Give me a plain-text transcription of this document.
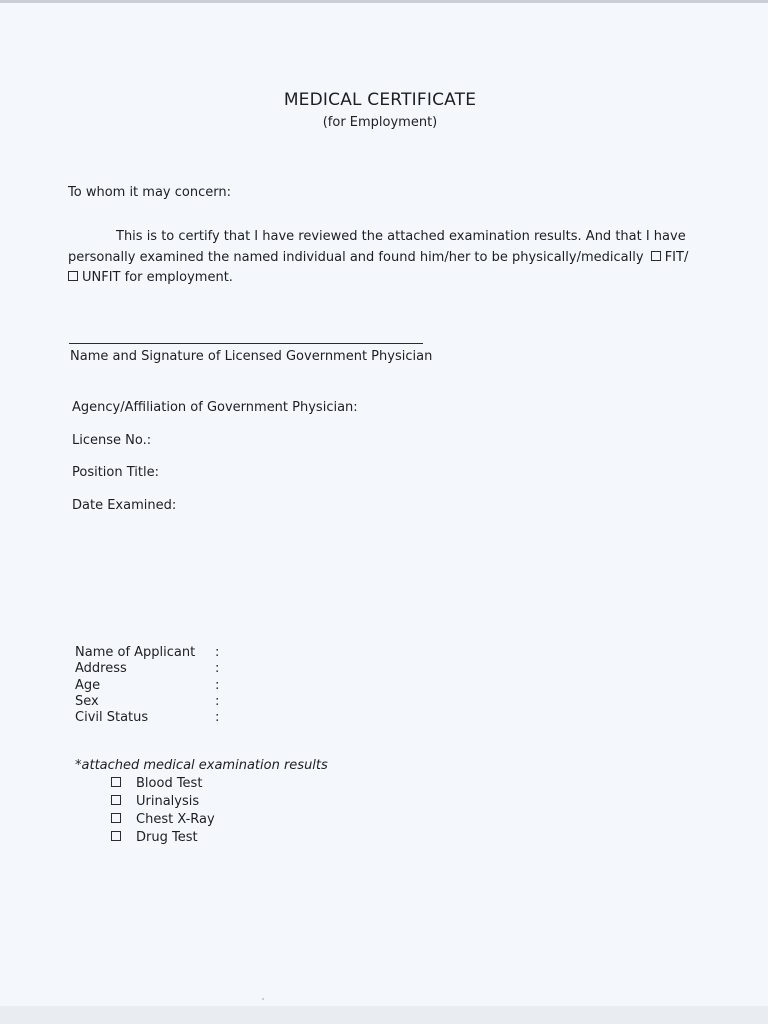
MEDICAL CERTIFICATE
(for Employment)
To whom it may concern:
This is to certify that I have reviewed the attached examination results. And that I have personally examined the named individual and found him/her to be physically/medically FIT/ UNFIT for employment.
Name and Signature of Licensed Government Physician
Agency/Affiliation of Government Physician:
License No.:
Position Title:
Date Examined:
Name of Applicant :
Address	:
Age	:
Sex	:
Civil Status	:
*attached medical examination results
Blood Test
Urinalysis
Chest X-Ray
Drug Test
